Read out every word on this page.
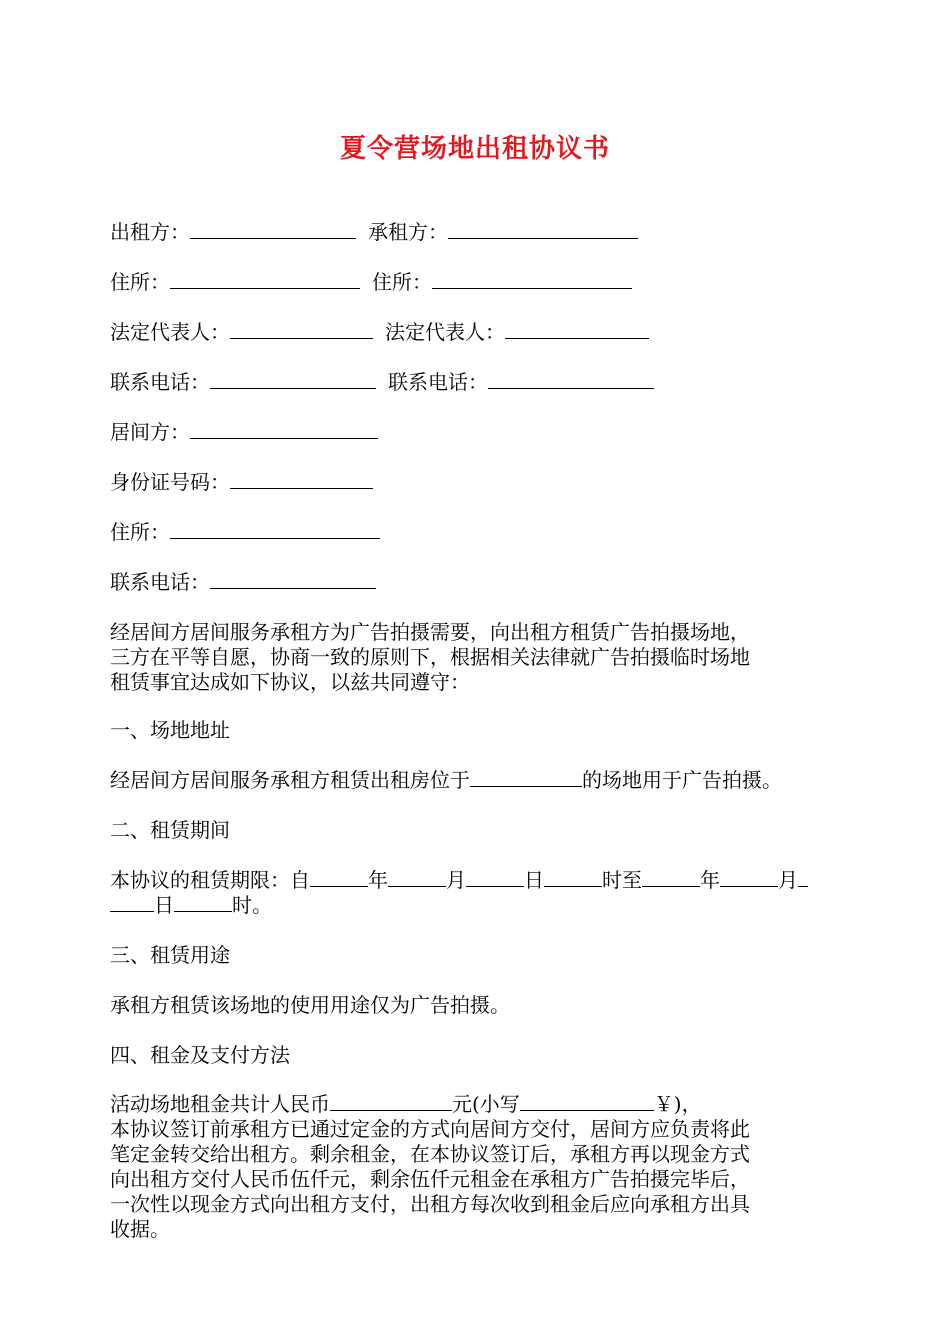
夏令营场地出租协议书
出租方：	承租方：
住所：	住所：
法定代表人：	法定代表人：
联系电话：	联系电话：
居间方：
身份证号码：
住所：
联系电话：
经居间方居间服务承租方为广告拍摄需要，向出租方租赁广告拍摄场地，
三方在平等自愿，协商一致的原则下，根据相关法律就广告拍摄临时场地
租赁事宜达成如下协议，以兹共同遵守：
一、场地地址
经居间方居间服务承租方租赁出租房位于	的场地用于广告拍摄。
二、租赁期间
本协议的租赁期限：自	年	月	日	时至	年	月
日	时。
三、租赁用途
承租方租赁该场地的使用用途仅为广告拍摄。
四、租金及支付方法
活动场地租金共计人民币	元(小写	￥)，
本协议签订前承租方已通过定金的方式向居间方交付，居间方应负责将此
笔定金转交给出租方。剩余租金，在本协议签订后，承租方再以现金方式
向出租方交付人民币伍仟元，剩余伍仟元租金在承租方广告拍摄完毕后，
一次性以现金方式向出租方支付，出租方每次收到租金后应向承租方出具
收据。
